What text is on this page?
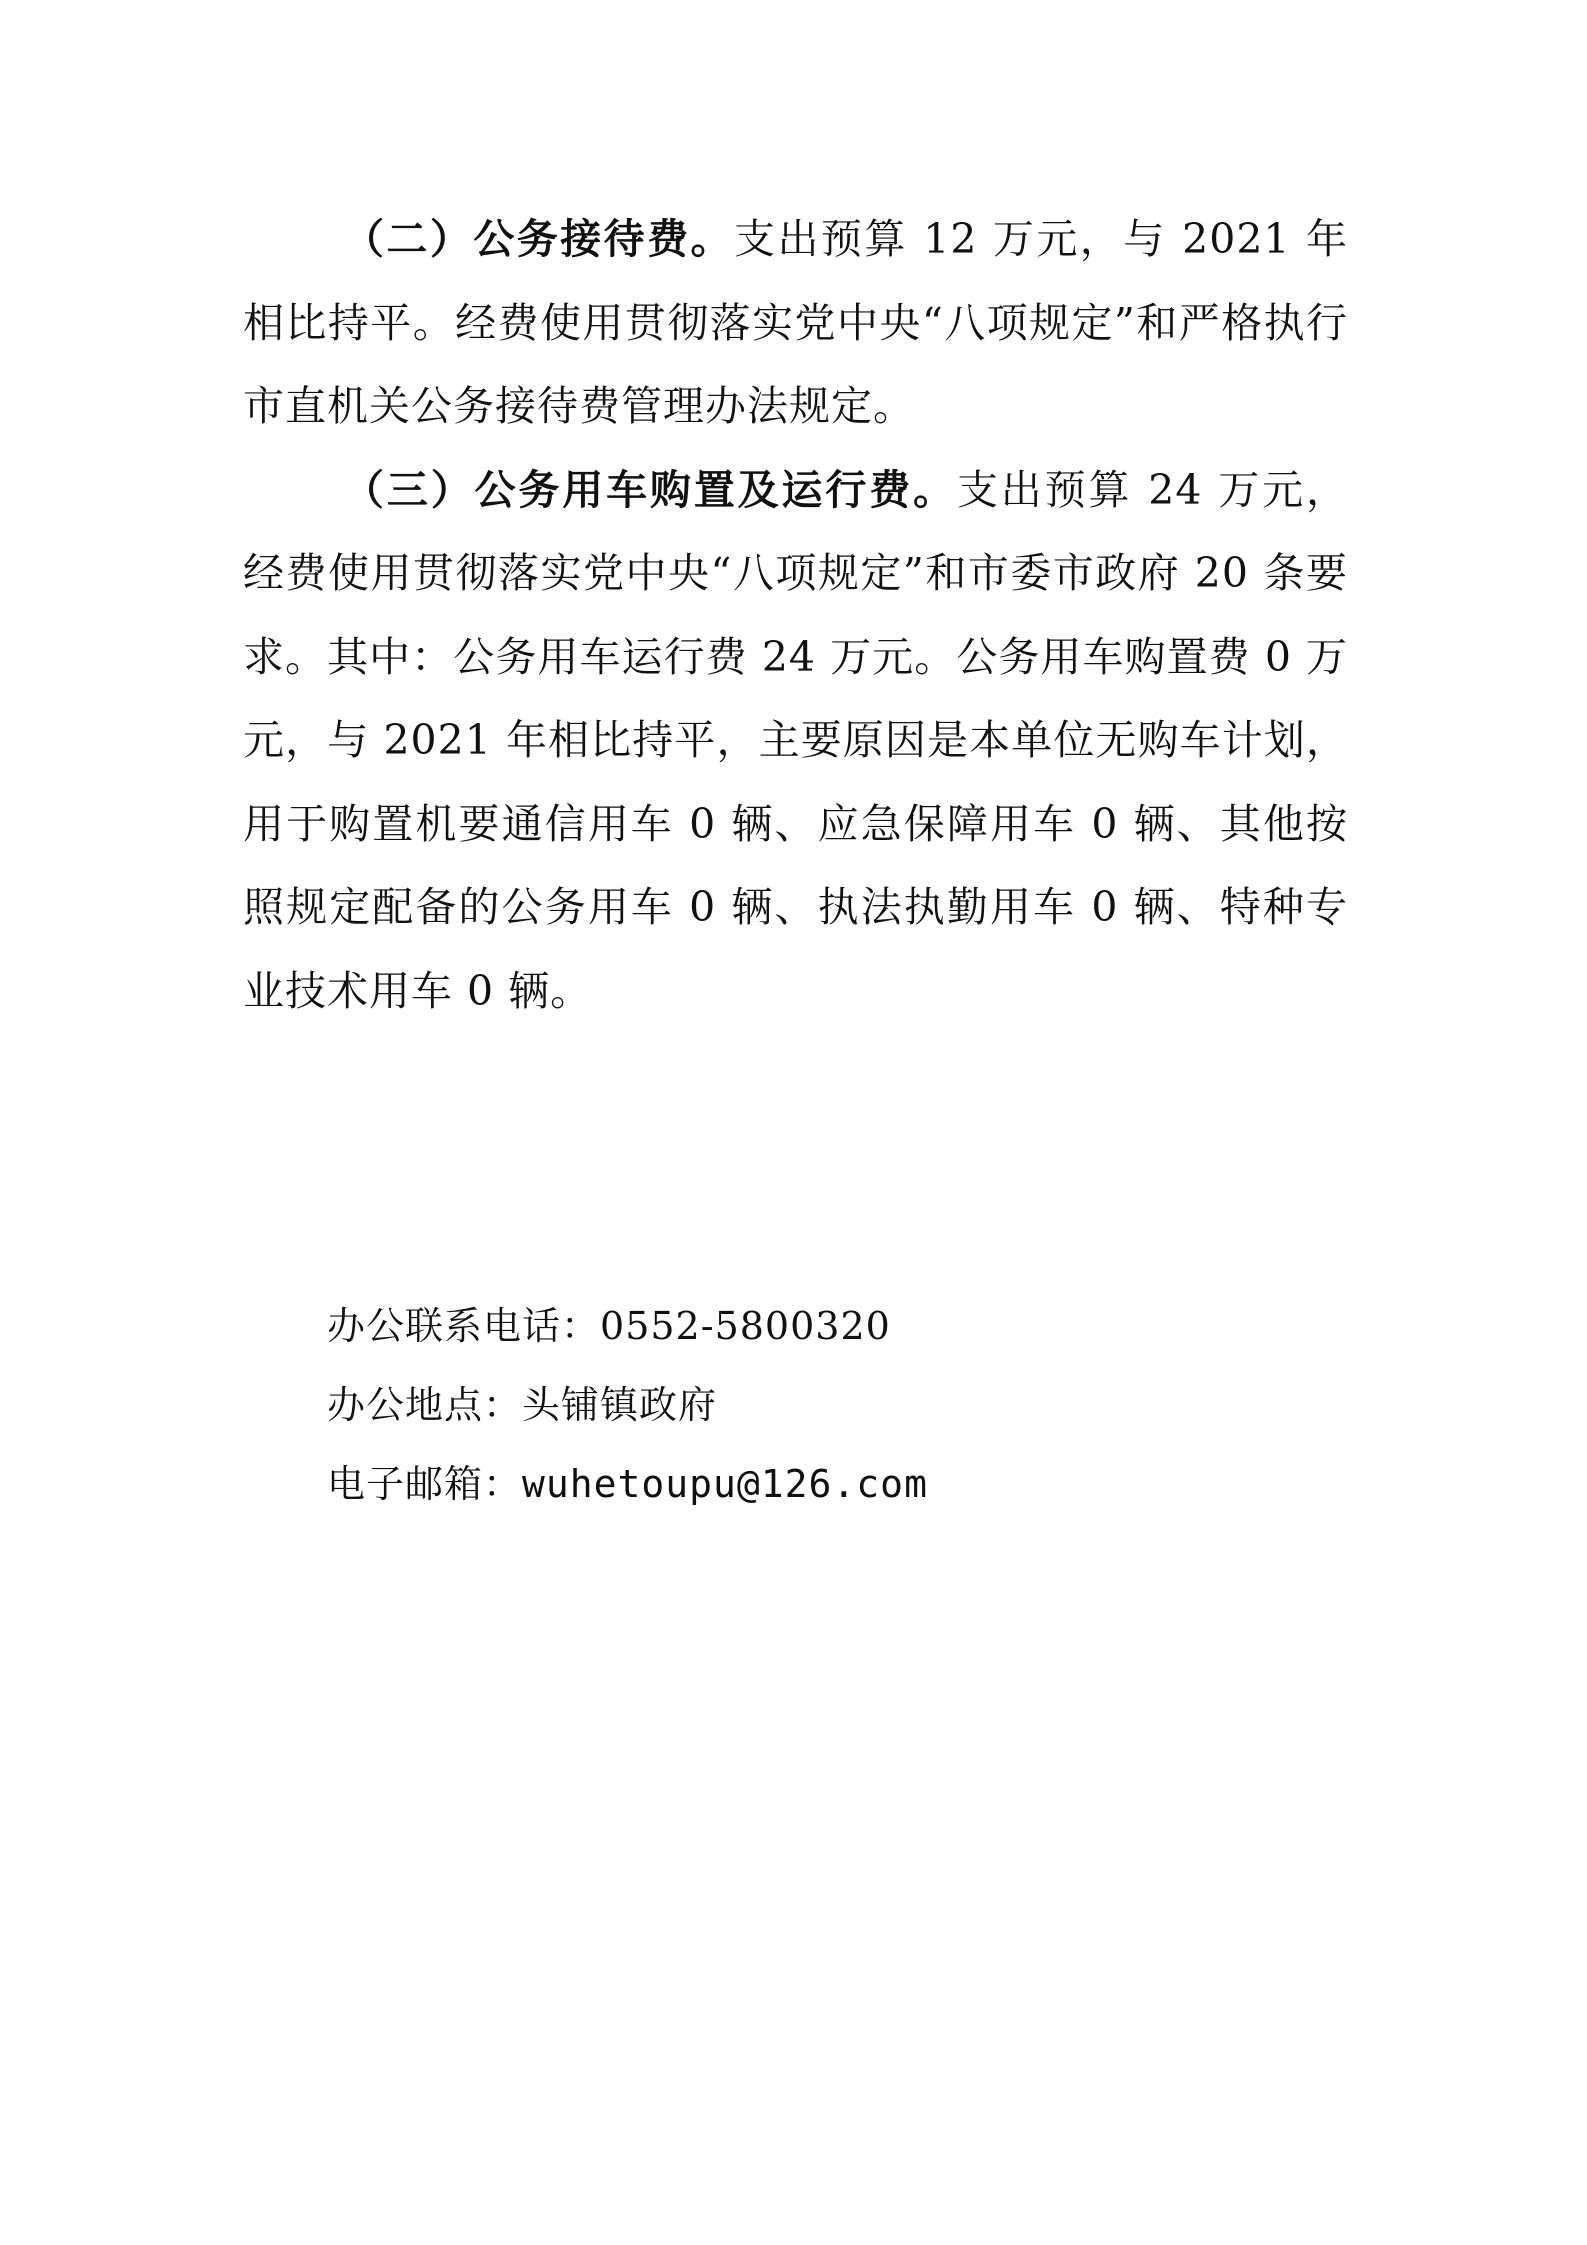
（二）公务接待费。支出预算 12 万元，与 2021 年相比持平。经费使用贯彻落实党中央“八项规定”和严格执行市直机关公务接待费管理办法规定。

（三）公务用车购置及运行费。支出预算 24 万元，经费使用贯彻落实党中央“八项规定”和市委市政府 20 条要求。其中：公务用车运行费 24 万元。公务用车购置费 0 万元，与 2021 年相比持平，主要原因是本单位无购车计划，用于购置机要通信用车 0 辆、应急保障用车 0 辆、其他按照规定配备的公务用车 0 辆、执法执勤用车 0 辆、特种专业技术用车 0 辆。

办公联系电话：0552-5800320

办公地点：头铺镇政府

电子邮箱：wuhetoupu@126.com
